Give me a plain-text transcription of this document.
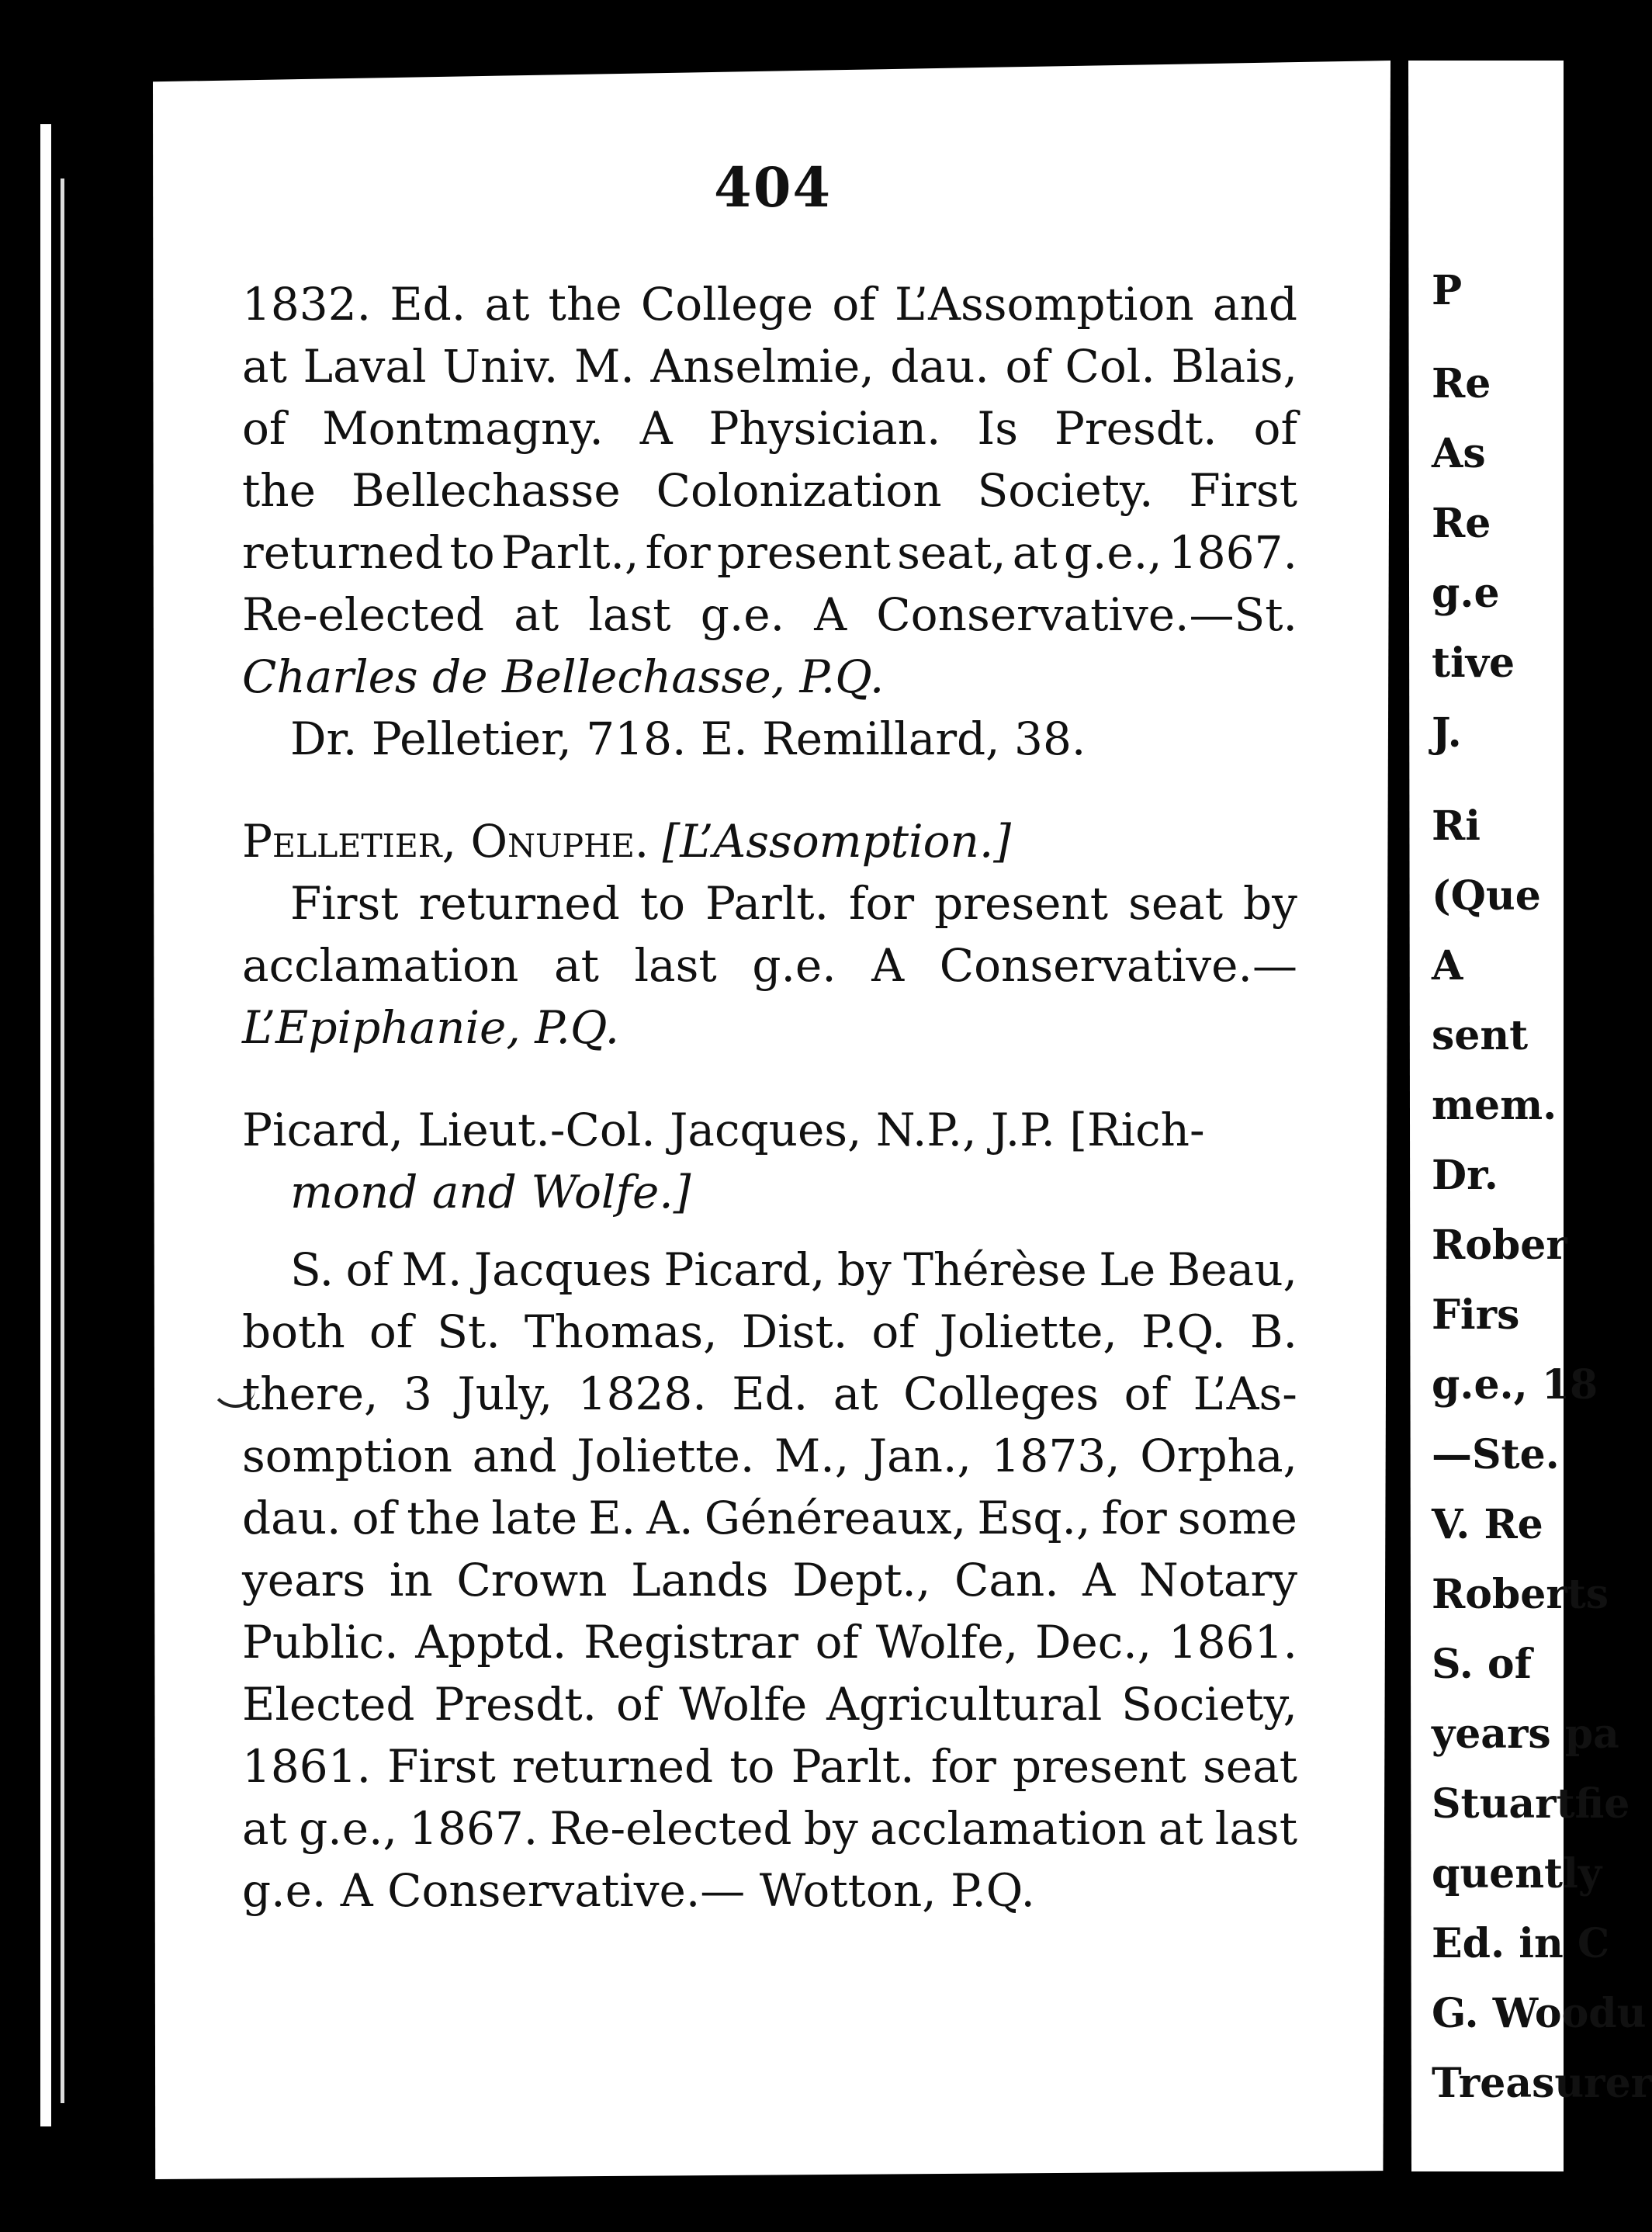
404
1832. Ed. at the College of L’Assomption and
at Laval Univ. M. Anselmie, dau. of Col. Blais,
of Montmagny. A Physician. Is Presdt. of
the Bellechasse Colonization Society. First
returned to Parlt., for present seat, at g.e., 1867.
Re-elected at last g.e. A Conservative.—St.
Charles de Bellechasse, P.Q.
Dr. Pelletier, 718. E. Remillard, 38.
Pelletier, Onuphe. [L’Assomption.]
First returned to Parlt. for present seat by
acclamation at last g.e. A Conservative.—
L’Epiphanie, P.Q.
Picard, Lieut.-Col. Jacques, N.P., J.P. [Rich-
mond and Wolfe.]
S. of M. Jacques Picard, by Thérèse Le Beau,
both of St. Thomas, Dist. of Joliette, P.Q. B.
there, 3 July, 1828. Ed. at Colleges of L’As-
somption and Joliette. M., Jan., 1873, Orpha,
dau. of the late E. A. Généreaux, Esq., for some
years in Crown Lands Dept., Can. A Notary
Public. Apptd. Registrar of Wolfe, Dec., 1861.
Elected Presdt. of Wolfe Agricultural Society,
1861. First returned to Parlt. for present seat
at g.e., 1867. Re-elected by acclamation at last
g.e. A Conservative.— Wotton, P.Q.
P
Re
As
Re
g.e
tive
J.
Ri
(Que
A
sent
mem.
Dr.
Rober
Firs
g.e., 18
—Ste.
V. Re
Roberts
S. of
years pa
Stuartfie
quently
Ed. in C
G. Woodu
Treasurer
